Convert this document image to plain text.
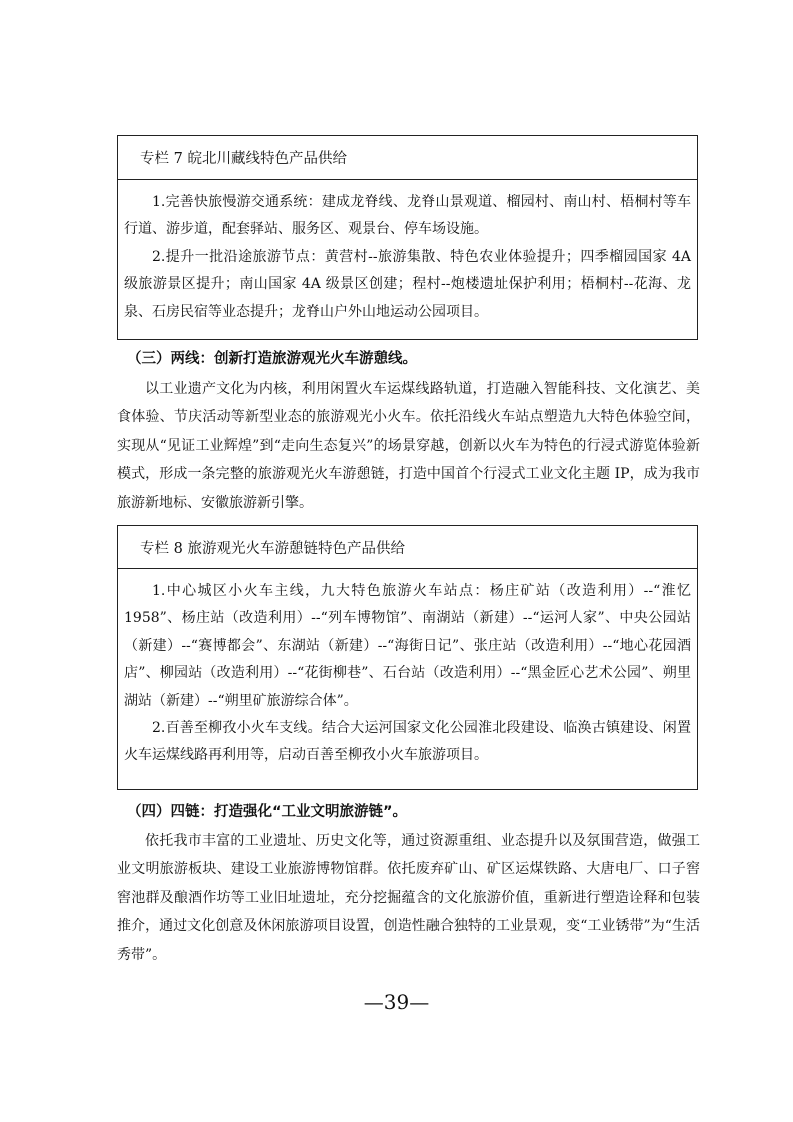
专栏 7 皖北川藏线特色产品供给

1.完善快旅慢游交通系统：建成龙脊线、龙脊山景观道、榴园村、南山村、梧桐村等车行道、游步道，配套驿站、服务区、观景台、停车场设施。

2.提升一批沿途旅游节点：黄营村--旅游集散、特色农业体验提升；四季榴园国家 4A 级旅游景区提升；南山国家 4A 级景区创建；程村--炮楼遗址保护利用；梧桐村--花海、龙泉、石房民宿等业态提升；龙脊山户外山地运动公园项目。

（三）两线：创新打造旅游观光火车游憩线。

以工业遗产文化为内核，利用闲置火车运煤线路轨道，打造融入智能科技、文化演艺、美食体验、节庆活动等新型业态的旅游观光小火车。依托沿线火车站点塑造九大特色体验空间，实现从“见证工业辉煌”到“走向生态复兴”的场景穿越，创新以火车为特色的行浸式游览体验新模式，形成一条完整的旅游观光火车游憩链，打造中国首个行浸式工业文化主题 IP，成为我市旅游新地标、安徽旅游新引擎。

专栏 8 旅游观光火车游憩链特色产品供给

1.中心城区小火车主线，九大特色旅游火车站点：杨庄矿站（改造利用）--“淮忆 1958”、杨庄站（改造利用）--“列车博物馆”、南湖站（新建）--“运河人家”、中央公园站（新建）--“赛博都会”、东湖站（新建）--“海街日记”、张庄站（改造利用）--“地心花园酒店”、柳园站（改造利用）--“花街柳巷”、石台站（改造利用）--“黑金匠心艺术公园”、朔里湖站（新建）--“朔里矿旅游综合体”。

2.百善至柳孜小火车支线。结合大运河国家文化公园淮北段建设、临涣古镇建设、闲置火车运煤线路再利用等，启动百善至柳孜小火车旅游项目。

（四）四链：打造强化“工业文明旅游链”。

依托我市丰富的工业遗址、历史文化等，通过资源重组、业态提升以及氛围营造，做强工业文明旅游板块、建设工业旅游博物馆群。依托废弃矿山、矿区运煤铁路、大唐电厂、口子窖窖池群及酿酒作坊等工业旧址遗址，充分挖掘蕴含的文化旅游价值，重新进行塑造诠释和包装推介，通过文化创意及休闲旅游项目设置，创造性融合独特的工业景观，变“工业锈带”为“生活秀带”。

—39—
